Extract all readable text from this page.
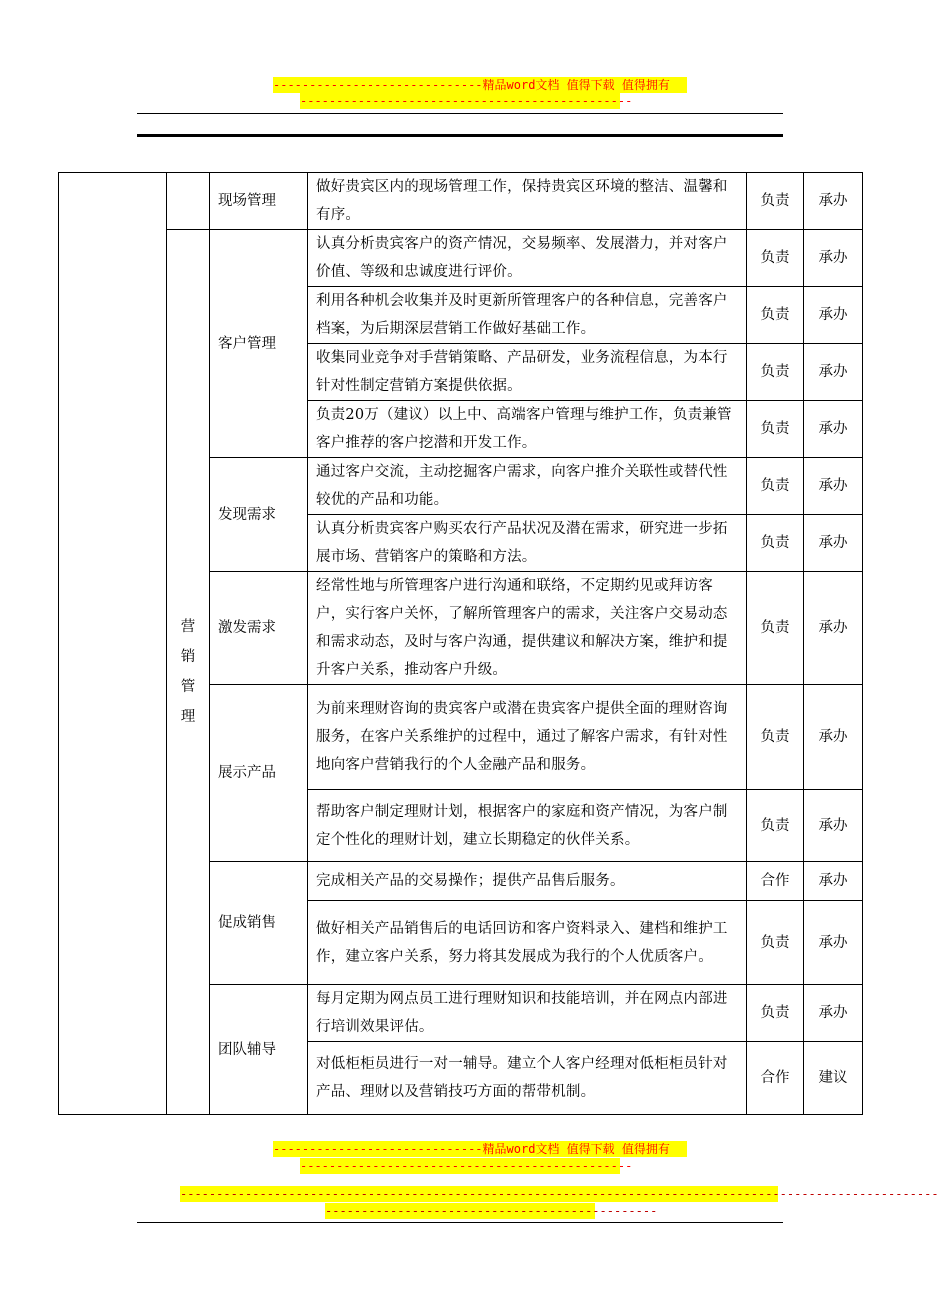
-----------------------------精品word文档 值得下载 值得拥有
----------------------------------------------
		现场管理	做好贵宾区内的现场管理工作，保持贵宾区环境的整洁、温馨和有序。	负责	承办
	营销管理	客户管理	认真分析贵宾客户的资产情况，交易频率、发展潜力，并对客户价值、等级和忠诚度进行评价。	负责	承办
			利用各种机会收集并及时更新所管理客户的各种信息，完善客户档案，为后期深层营销工作做好基础工作。	负责	承办
			收集同业竞争对手营销策略、产品研发，业务流程信息，为本行针对性制定营销方案提供依据。	负责	承办
			负责20万（建议）以上中、高端客户管理与维护工作，负责兼管客户推荐的客户挖潜和开发工作。	负责	承办
		发现需求	通过客户交流，主动挖掘客户需求，向客户推介关联性或替代性较优的产品和功能。	负责	承办
			认真分析贵宾客户购买农行产品状况及潜在需求，研究进一步拓展市场、营销客户的策略和方法。	负责	承办
		激发需求	经常性地与所管理客户进行沟通和联络，不定期约见或拜访客户，实行客户关怀，了解所管理客户的需求，关注客户交易动态和需求动态，及时与客户沟通，提供建议和解决方案，维护和提升客户关系，推动客户升级。	负责	承办
		展示产品	为前来理财咨询的贵宾客户或潜在贵宾客户提供全面的理财咨询服务，在客户关系维护的过程中，通过了解客户需求，有针对性地向客户营销我行的个人金融产品和服务。	负责	承办
			帮助客户制定理财计划，根据客户的家庭和资产情况，为客户制定个性化的理财计划，建立长期稳定的伙伴关系。	负责	承办
		促成销售	完成相关产品的交易操作；提供产品售后服务。	合作	承办
			做好相关产品销售后的电话回访和客户资料录入、建档和维护工作，建立客户关系，努力将其发展成为我行的个人优质客户。	负责	承办
		团队辅导	每月定期为网点员工进行理财知识和技能培训，并在网点内部进行培训效果评估。	负责	承办
			对低柜柜员进行一对一辅导。建立个人客户经理对低柜柜员针对产品、理财以及营销技巧方面的帮带机制。	合作	建议
-----------------------------精品word文档 值得下载 值得拥有
----------------------------------------------
---------------------------------------------------------------------------------------------------------
----------------------------------------------
